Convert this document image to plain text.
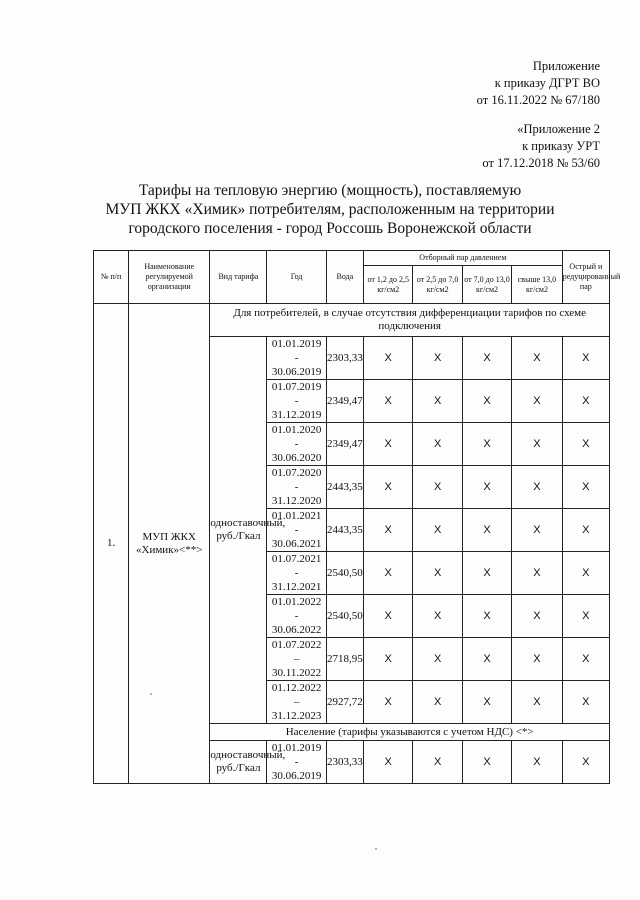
Приложение
к приказу ДГРТ ВО
от 16.11.2022 № 67/180
«Приложение 2
к приказу УРТ
от 17.12.2018 № 53/60
Тарифы на тепловую энергию (мощность), поставляемую
МУП ЖКХ «Химик» потребителям, расположенным на территории
городского поселения - город Россошь Воронежской области
№ п/п	Наименование регулируемой организации	Вид тарифа	Год	Вода	Отборный пар давлением				Острый и редуцированный пар
					от 1,2 до 2,5 кг/см2	от 2,5 до 7,0 кг/см2	от 7,0 до 13,0 кг/см2	свыше 13,0 кг/см2	
1.	МУП ЖКХ «Химик»<**>	Для потребителей, в случае отсутствия дифференциации тарифов по схеме подключения							
		одноставочный, руб./Гкал	01.01.2019
-
30.06.2019	2303,33	Х	Х	Х	Х	Х

			01.07.2019
-
31.12.2019	2349,47	Х	Х	Х	Х	Х

			01.01.2020
-
30.06.2020	2349,47	Х	Х	Х	Х	Х

			01.07.2020
-
31.12.2020	2443,35	Х	Х	Х	Х	Х

			01.01.2021
-
30.06.2021	2443,35	Х	Х	Х	Х	Х

			01.07.2021
-
31.12.2021	2540,50	Х	Х	Х	Х	Х

			01.01.2022
-
30.06.2022	2540,50	Х	Х	Х	Х	Х

			01.07.2022
–
30.11.2022	2718,95	Х	Х	Х	Х	Х

			01.12.2022
–
31.12.2023	2927,72	Х	Х	Х	Х	Х
		Население (тарифы указываются с учетом НДС) <*>							
		одноставочный, руб./Гкал	01.01.2019
-
30.06.2019	2303,33	Х	Х	Х	Х	Х
